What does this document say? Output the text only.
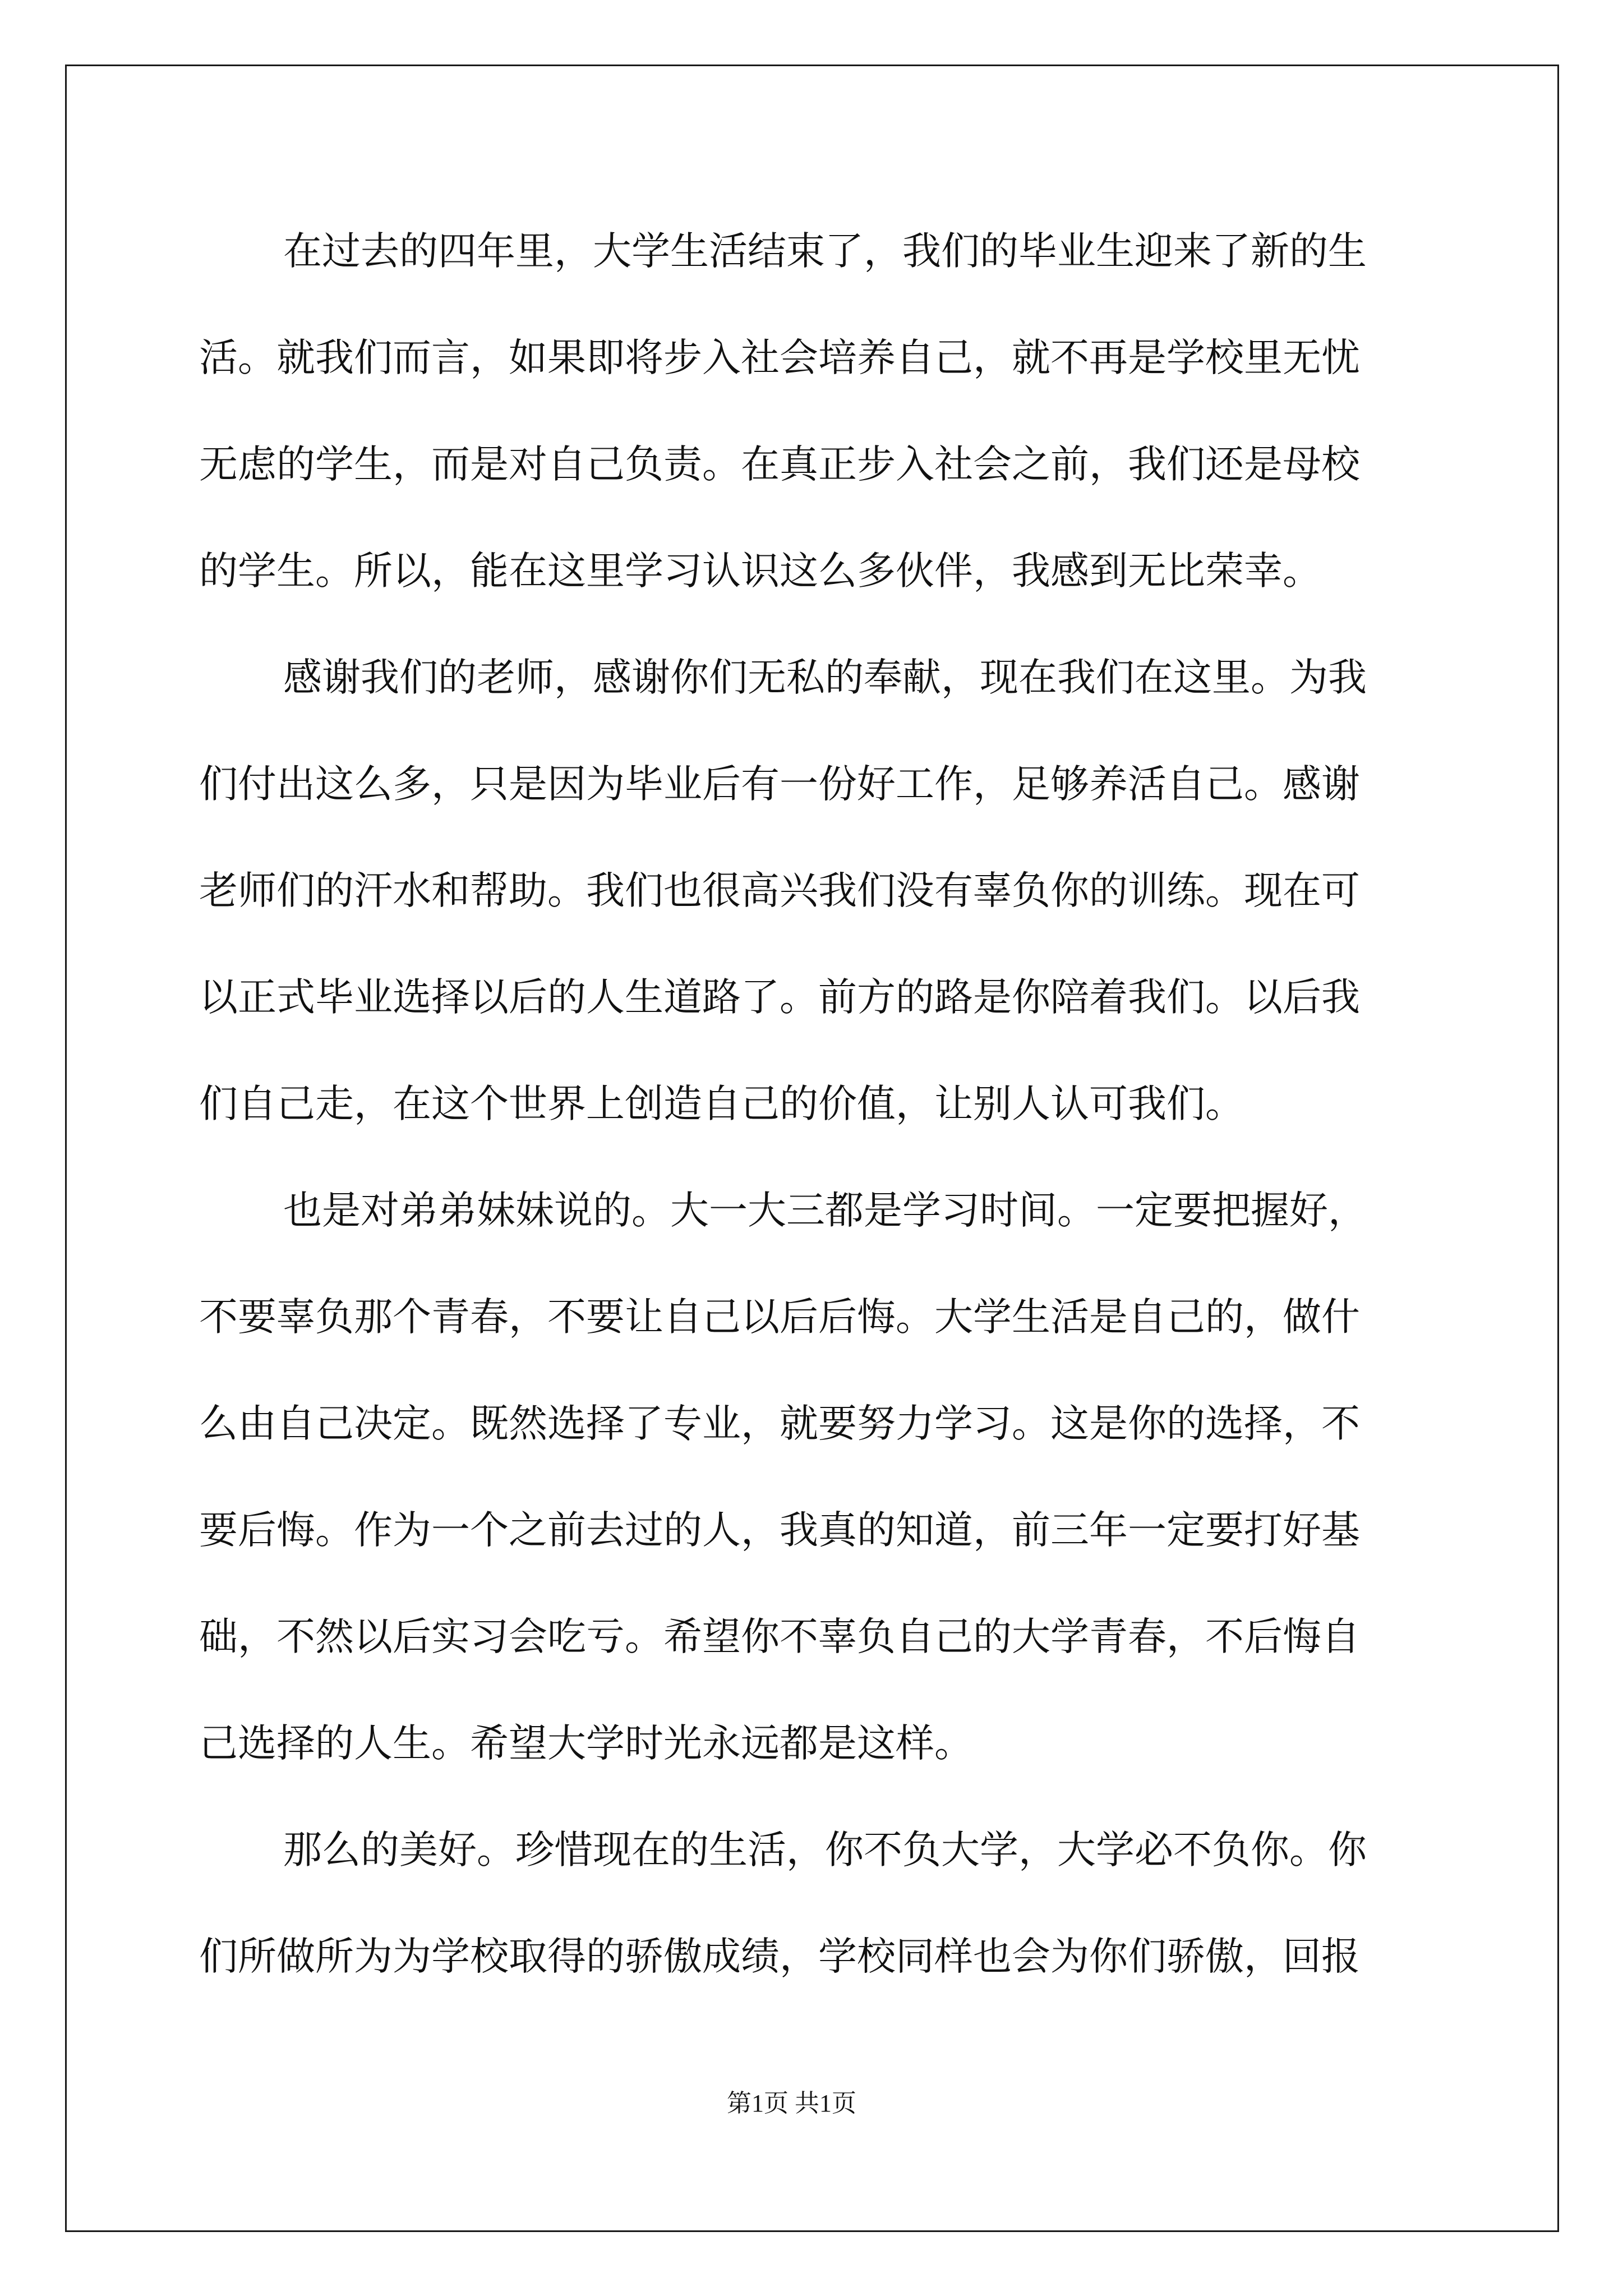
在过去的四年里，大学生活结束了，我们的毕业生迎来了新的生
活。就我们而言，如果即将步入社会培养自己，就不再是学校里无忧
无虑的学生，而是对自己负责。在真正步入社会之前，我们还是母校
的学生。所以，能在这里学习认识这么多伙伴，我感到无比荣幸。
感谢我们的老师，感谢你们无私的奉献，现在我们在这里。为我
们付出这么多，只是因为毕业后有一份好工作，足够养活自己。感谢
老师们的汗水和帮助。我们也很高兴我们没有辜负你的训练。现在可
以正式毕业选择以后的人生道路了。前方的路是你陪着我们。以后我
们自己走，在这个世界上创造自己的价值，让别人认可我们。
也是对弟弟妹妹说的。大一大三都是学习时间。一定要把握好，
不要辜负那个青春，不要让自己以后后悔。大学生活是自己的，做什
么由自己决定。既然选择了专业，就要努力学习。这是你的选择，不
要后悔。作为一个之前去过的人，我真的知道，前三年一定要打好基
础，不然以后实习会吃亏。希望你不辜负自己的大学青春，不后悔自
己选择的人生。希望大学时光永远都是这样。
那么的美好。珍惜现在的生活，你不负大学，大学必不负你。你
们所做所为为学校取得的骄傲成绩，学校同样也会为你们骄傲，回报
第1页 共1页
